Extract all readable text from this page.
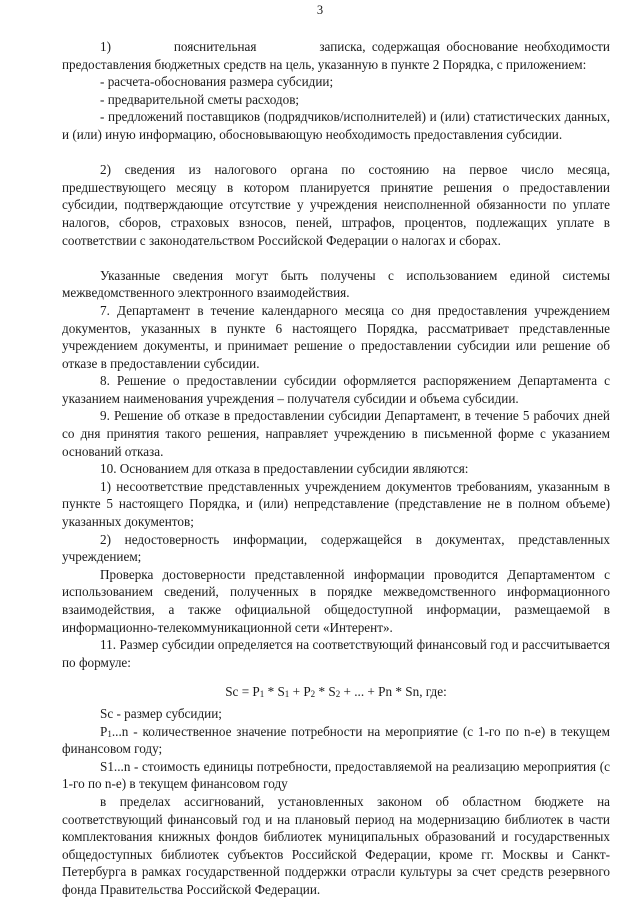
3

1)          пояснительная          записка, содержащая обоснование необходимости предоставления бюджетных средств на цель, указанную в пункте 2 Порядка, с приложением:

- расчета-обоснования размера субсидии;

- предварительной сметы расходов;

- предложений поставщиков (подрядчиков/исполнителей) и (или) статистических данных, и (или) иную информацию, обосновывающую необходимость предоставления субсидии.

2) сведения из налогового органа по состоянию на первое число месяца, предшествующего месяцу в котором планируется принятие решения о предоставлении субсидии, подтверждающие отсутствие у учреждения неисполненной обязанности по уплате налогов, сборов, страховых взносов, пеней, штрафов, процентов, подлежащих уплате в соответствии с законодательством Российской Федерации о налогах и сборах.

Указанные сведения могут быть получены с использованием единой системы межведомственного электронного взаимодействия.

7. Департамент в течение календарного месяца со дня предоставления учреждением документов, указанных в пункте 6 настоящего Порядка, рассматривает представленные учреждением документы, и принимает решение о предоставлении субсидии или решение об отказе в предоставлении субсидии.

8. Решение о предоставлении субсидии оформляется распоряжением Департамента с указанием наименования учреждения – получателя субсидии и объема субсидии.

9. Решение об отказе в предоставлении субсидии Департамент, в течение 5 рабочих дней со дня принятия такого решения, направляет учреждению в письменной форме с указанием оснований отказа.

10. Основанием для отказа в предоставлении субсидии являются:

1) несоответствие представленных учреждением документов требованиям, указанным в пункте 5 настоящего Порядка, и (или) непредставление (представление не в полном объеме) указанных документов;

2) недостоверность информации, содержащейся в документах, представленных учреждением;

Проверка достоверности представленной информации проводится Департаментом с использованием сведений, полученных в порядке межведомственного информационного взаимодействия, а также официальной общедоступной информации, размещаемой в информационно-телекоммуникационной сети «Интерент».

11. Размер субсидии определяется на соответствующий финансовый год и рассчитывается по формуле:

$Sc = P_1 * S_1 + P_2 * S_2$ + ... + Pn * Sn, где:

Sc - размер субсидии;

$P_1...n$ - количественное значение потребности на мероприятие (с 1-го по n-е) в текущем финансовом году;

S1...n - стоимость единицы потребности, предоставляемой на реализацию мероприятия (с 1-го по n-е) в текущем финансовом году

в пределах ассигнований, установленных законом об областном бюджете на соответствующий финансовый год и на плановый период на модернизацию библиотек в части комплектования книжных фондов библиотек муниципальных образований и государственных общедоступных библиотек субъектов Российской Федерации, кроме гг. Москвы и Санкт-Петербурга в рамках государственной поддержки отрасли культуры за счет средств резервного фонда Правительства Российской Федерации.
